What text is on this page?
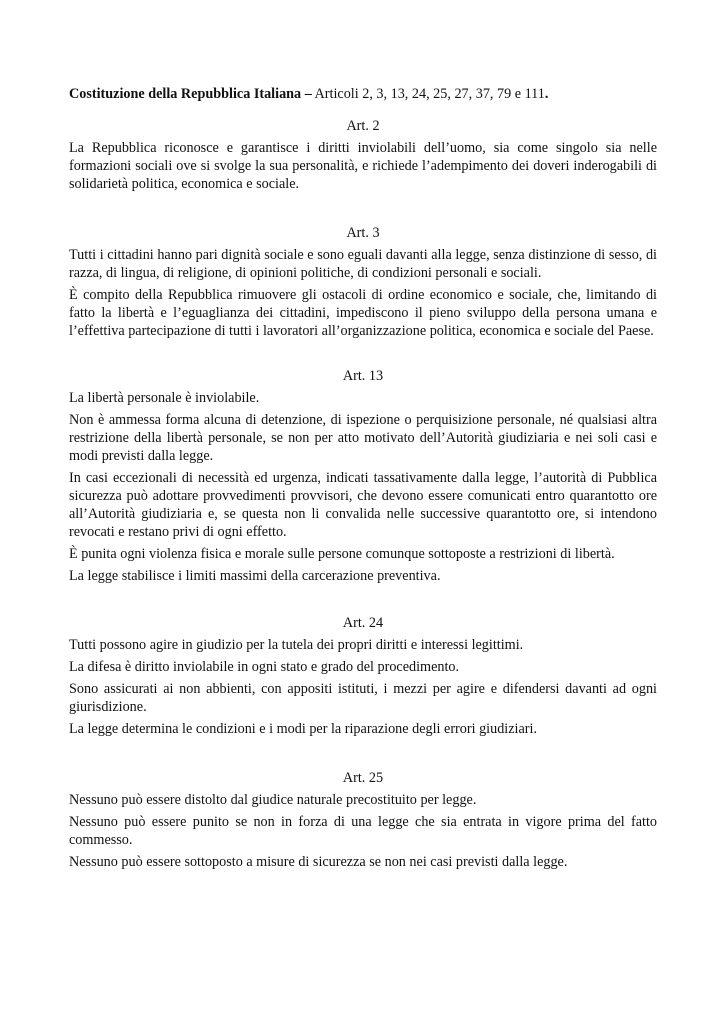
Costituzione della Repubblica Italiana – Articoli 2, 3, 13, 24, 25, 27, 37, 79 e 111.

Art. 2

La Repubblica riconosce e garantisce i diritti inviolabili dell’uomo, sia come singolo sia nelle formazioni sociali ove si svolge la sua personalità, e richiede l’adempimento dei doveri inderogabili di solidarietà politica, economica e sociale.

Art. 3

Tutti i cittadini hanno pari dignità sociale e sono eguali davanti alla legge, senza distinzione di sesso, di razza, di lingua, di religione, di opinioni politiche, di condizioni personali e sociali.

È compito della Repubblica rimuovere gli ostacoli di ordine economico e sociale, che, limitando di fatto la libertà e l’eguaglianza dei cittadini, impediscono il pieno sviluppo della persona umana e l’effettiva partecipazione di tutti i lavoratori all’organizzazione politica, economica e sociale del Paese.

Art. 13

La libertà personale è inviolabile.

Non è ammessa forma alcuna di detenzione, di ispezione o perquisizione personale, né qualsiasi altra restrizione della libertà personale, se non per atto motivato dell’Autorità giudiziaria e nei soli casi e modi previsti dalla legge.

In casi eccezionali di necessità ed urgenza, indicati tassativamente dalla legge, l’autorità di Pubblica sicurezza può adottare provvedimenti provvisori, che devono essere comunicati entro quarantotto ore all’Autorità giudiziaria e, se questa non li convalida nelle successive quarantotto ore, si intendono revocati e restano privi di ogni effetto.

È punita ogni violenza fisica e morale sulle persone comunque sottoposte a restrizioni di libertà.

La legge stabilisce i limiti massimi della carcerazione preventiva.

Art. 24

Tutti possono agire in giudizio per la tutela dei propri diritti e interessi legittimi.

La difesa è diritto inviolabile in ogni stato e grado del procedimento.

Sono assicurati ai non abbienti, con appositi istituti, i mezzi per agire e difendersi davanti ad ogni giurisdizione.

La legge determina le condizioni e i modi per la riparazione degli errori giudiziari.

Art. 25

Nessuno può essere distolto dal giudice naturale precostituito per legge.

Nessuno può essere punito se non in forza di una legge che sia entrata in vigore prima del fatto commesso.

Nessuno può essere sottoposto a misure di sicurezza se non nei casi previsti dalla legge.
